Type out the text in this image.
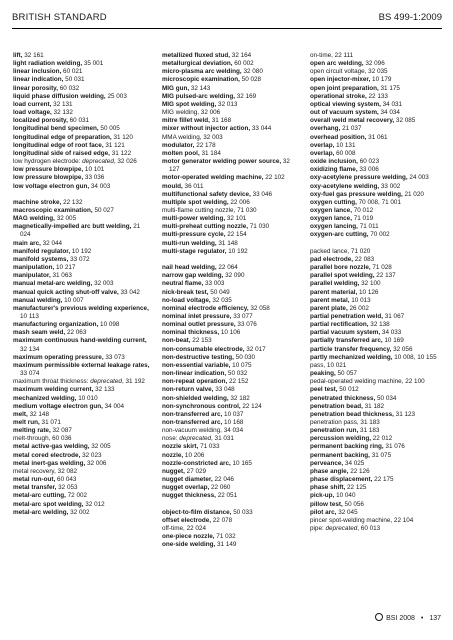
BRITISH STANDARD	BS 499-1:2009
lift, 32 161
light radiation welding, 35 001
linear inclusion, 60 021
linear indication, 50 031
linear porosity, 60 032
liquid phase diffusion welding, 25 003
load current, 32 131
load voltage, 32 132
localized porosity, 60 031
longitudinal bend specimen, 50 005
longitudinal edge of preparation, 31 120
longitudinal edge of root face, 31 121
longitudinal side of raised edge, 31 122
low hydrogen electrode: deprecated, 32 026
low pressure blowpipe, 10 101
low pressure blowpipe, 33 036
low voltage electron gun, 34 003
machine stroke, 22 132
macroscopic examination, 50 027
MAG welding, 32 005
magnetically-impelled arc butt welding, 21 024
main arc, 32 044
manifold regulator, 10 192
manifold systems, 33 072
manipulation, 10 217
manipulator, 31 063
manual metal-arc welding, 32 003
manual quick acting shut-off valve, 33 042
manual welding, 10 007
manufacturer's previous welding experience, 10 113
manufacturing organization, 10 098
mash seam weld, 22 063
maximum continuous hand-welding current, 32 134
maximum operating pressure, 33 073
maximum permissible external leakage rates, 33 074
maximum throat thickness: deprecated, 31 192
maximum welding current, 32 133
mechanized welding, 10 010
medium voltage electron gun, 34 004
melt, 32 148
melt run, 31 071
melting rate, 32 087
melt-through, 60 036
metal active-gas welding, 32 005
metal cored electrode, 32 023
metal inert-gas welding, 32 006
metal recovery, 32 082
metal run-out, 60 043
metal transfer, 32 053
metal-arc cutting, 72 002
metal-arc spot welding, 32 012
metal-arc welding, 32 002
metallized fluxed stud, 32 164
metallurgical deviation, 60 002
micro-plasma arc welding, 32 080
microscopic examination, 50 028
MIG gun, 32 143
MIG pulsed-arc welding, 32 169
MIG spot welding, 32 013
MIG welding, 32 006
mitre fillet weld, 31 168
mixer without injector action, 33 044
MMA welding, 32 003
modulator, 22 178
molten pool, 31 184
motor generator welding power source, 32 127
motor-operated welding machine, 22 102
mould, 36 011
multifunctional safety device, 33 046
multiple spot welding, 22 006
multi-flame cutting nozzle, 71 030
multi-power welding, 32 101
multi-preheat cutting nozzle, 71 030
multi-pressure cycle, 22 154
multi-run welding, 31 148
multi-stage regulator, 10 192
nail head welding, 22 064
narrow gap welding, 32 090
neutral flame, 33 003
nick-break test, 50 049
no-load voltage, 32 035
nominal electrode efficiency, 32 058
nominal inlet pressure, 33 077
nominal outlet pressure, 33 076
nominal thickness, 10 106
non-beat, 22 153
non-consumable electrode, 32 017
non-destructive testing, 50 030
non-essential variable, 10 075
non-linear indication, 50 032
non-repeat operation, 22 152
non-return valve, 33 048
non-shielded welding, 32 182
non-synchronous control, 22 124
non-transferred arc, 10 037
non-transferred arc, 10 168
non-vacuum welding, 34 034
nose: deprecated, 31 031
nozzle skirt, 71 033
nozzle, 10 206
nozzle-constricted arc, 10 165
nugget, 27 029
nugget diameter, 22 046
nugget overlap, 22 060
nugget thickness, 22 051
object-to-film distance, 50 033
offset electrode, 22 078
off-time, 22 024
one-piece nozzle, 71 032
one-side welding, 31 149
on-time, 22 111
open arc welding, 32 096
open circuit voltage, 32 035
open injector-mixer, 10 179
open joint preparation, 31 175
operational stroke, 22 133
optical viewing system, 34 031
out of vacuum system, 34 034
overall weld metal recovery, 32 085
overhang, 21 037
overhead position, 31 061
overlap, 10 131
overlap, 60 008
oxide inclusion, 60 023
oxidizing flame, 33 006
oxy-acetylene pressure welding, 24 003
oxy-acetylene welding, 33 002
oxy-fuel gas pressure welding, 21 020
oxygen cutting, 70 008, 71 001
oxygen lance, 70 012
oxygen lance, 71 019
oxygen lancing, 71 011
oxygen-arc cutting, 70 002
packed lance, 71 020
pad electrode, 22 083
parallel bore nozzle, 71 028
parallel spot welding, 22 137
parallel welding, 32 100
parent material, 10 126
parent metal, 10 013
parent plate, 26 002
partial penetration weld, 31 067
partial rectification, 32 138
partial vacuum system, 34 033
partially transferred arc, 10 169
particle transfer frequency, 32 056
partly mechanized welding, 10 008, 10 155
pass, 10 021
peaking, 50 057
pedal-operated welding machine, 22 100
peel test, 50 012
penetrated thickness, 50 034
penetration bead, 31 182
penetration bead thickness, 31 123
penetration pass, 31 183
penetration run, 31 183
percussion welding, 22 012
permanent backing ring, 31 076
permanent backing, 31 075
perveance, 34 025
phase angle, 22 126
phase displacement, 22 175
phase shift, 22 125
pick-up, 10 040
pillow test, 50 056
pilot arc, 32 045
pincer spot-welding machine, 22 104
pipe: deprecated, 60 013
BSI 2008 • 137
